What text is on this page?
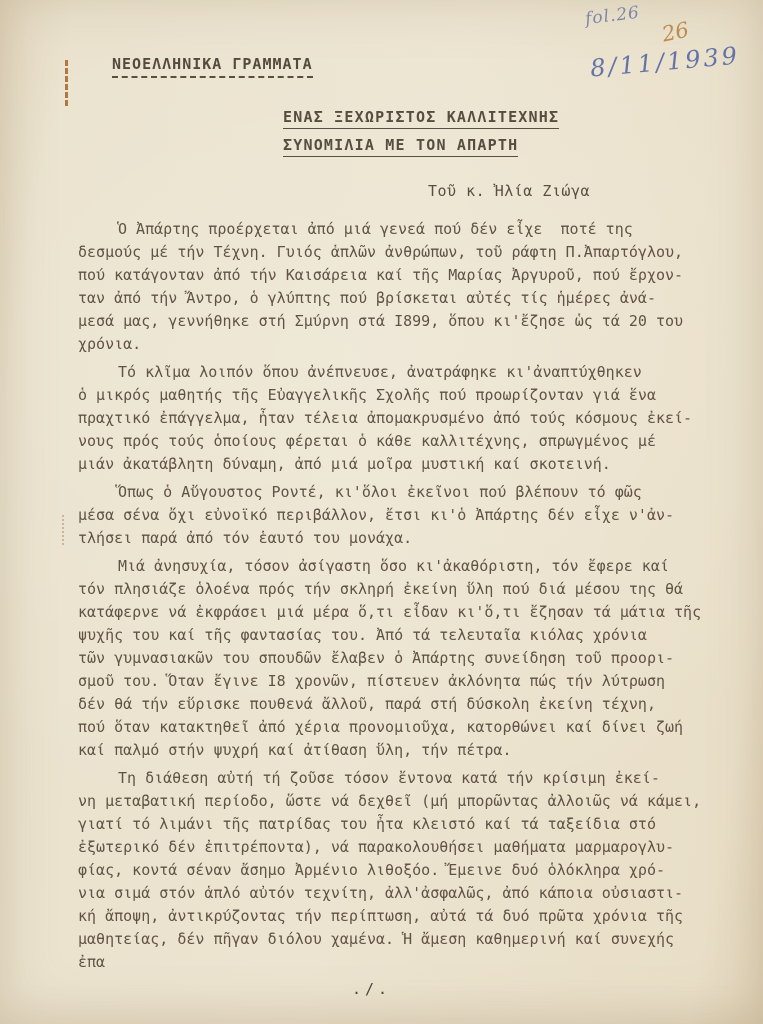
ΝΕΟΕΛΛΗΝΙΚΑ ΓΡΑΜΜΑΤΑ
fol.26
26
8/11/1939
ΕΝΑΣ ΞΕΧΩΡΙΣΤΟΣ ΚΑΛΛΙΤΕΧΝΗΣ
ΣΥΝΟΜΙΛΙΑ ΜΕ ΤΟΝ ΑΠΑΡΤΗ
Τοῦ κ. Ἠλία Ζιώγα
Ὁ Ἀπάρτης προέρχεται ἀπό μιά γενεά πού δέν εἶχε  ποτέ της
δεσμούς μέ τήν Τέχνη. Γυιός ἁπλῶν ἀνθρώπων, τοῦ ράφτη Π.Ἀπαρτόγλου,
πού κατάγονταν ἀπό τήν Καισάρεια καί τῆς Μαρίας Ἀργυροῦ, πού ἔρχον-
ταν ἀπό τήν Ἄντρο, ὁ γλύπτης πού βρίσκεται αὐτές τίς ἡμέρες ἀνά-
μεσά μας, γεννήθηκε στή Σμύρνη στά I899, ὅπου κι'ἔζησε ὡς τά 20 του
χρόνια.
Τό κλῖμα λοιπόν ὅπου ἀνέπνευσε, ἀνατράφηκε κι'ἀναπτύχθηκεν
ὁ μικρός μαθητής τῆς Εὐαγγελικῆς Σχολῆς πού προωρίζονταν γιά ἕνα
πραχτικό ἐπάγγελμα, ἦταν τέλεια ἀπομακρυσμένο ἀπό τούς κόσμους ἐκεί-
νους πρός τούς ὁποίους φέρεται ὁ κάθε καλλιτέχνης, σπρωγμένος μέ
μιάν ἀκατάβλητη δύναμη, ἀπό μιά μοῖρα μυστική καί σκοτεινή.
Ὅπως ὁ Αὔγουστος Ροντέ, κι'ὅλοι ἐκεῖνοι πού βλέπουν τό φῶς
μέσα σένα ὄχι εὐνοϊκό περιβάλλον, ἔτσι κι'ὁ Ἀπάρτης δέν εἶχε ν'ἀν-
τλήσει παρά ἀπό τόν ἑαυτό του μονάχα.
Μιά ἀνησυχία, τόσον ἀσίγαστη ὅσο κι'ἀκαθόριστη, τόν ἔφερε καί
τόν πλησιάζε ὁλοένα πρός τήν σκληρή ἐκείνη ὕλη πού διά μέσου της θά
κατάφερνε νά ἐκφράσει μιά μέρα ὅ,τι εἶδαν κι'ὅ,τι ἔζησαν τά μάτια τῆς
ψυχῆς του καί τῆς φαντασίας του. Ἀπό τά τελευταῖα κιόλας χρόνια
τῶν γυμνασιακῶν του σπουδῶν ἔλαβεν ὁ Ἀπάρτης συνείδηση τοῦ προορι-
σμοῦ του. Ὅταν ἔγινε I8 χρονῶν, πίστευεν ἀκλόνητα πώς τήν λύτρωση
δέν θά τήν εὕρισκε πουθενά ἄλλοῦ, παρά στή δύσκολη ἐκείνη τέχνη,
πού ὅταν κατακτηθεῖ ἀπό χέρια προνομιοῦχα, κατορθώνει καί δίνει ζωή
καί παλμό στήν ψυχρή καί ἀτίθαση ὕλη, τήν πέτρα.
Τη διάθεση αὐτή τή ζοῦσε τόσον ἔντονα κατά τήν κρίσιμη ἐκεί-
νη μεταβατική περίοδο, ὥστε νά δεχθεῖ (μή μπορῶντας ἀλλοιῶς νά κάμει,
γιατί τό λιμάνι τῆς πατρίδας του ἦτα κλειστό καί τά ταξείδια στό
ἐξωτερικό δέν ἐπιτρέποντα), νά παρακολουθήσει μαθήματα μαρμαρογλυ-
φίας, κοντά σέναν ἄσημο Ἀρμένιο λιθοξόο. Ἔμεινε δυό ὁλόκληρα χρό-
νια σιμά στόν ἁπλό αὐτόν τεχνίτη, ἀλλ'ἀσφαλῶς, ἀπό κάποια οὐσιαστι-
κή ἄποψη, ἀντικρύζοντας τήν περίπτωση, αὐτά τά δυό πρῶτα χρόνια τῆς
μαθητείας, δέν πῆγαν διόλου χαμένα. Ἡ ἄμεση καθημερινή καί συνεχής
ἐπα
./.
